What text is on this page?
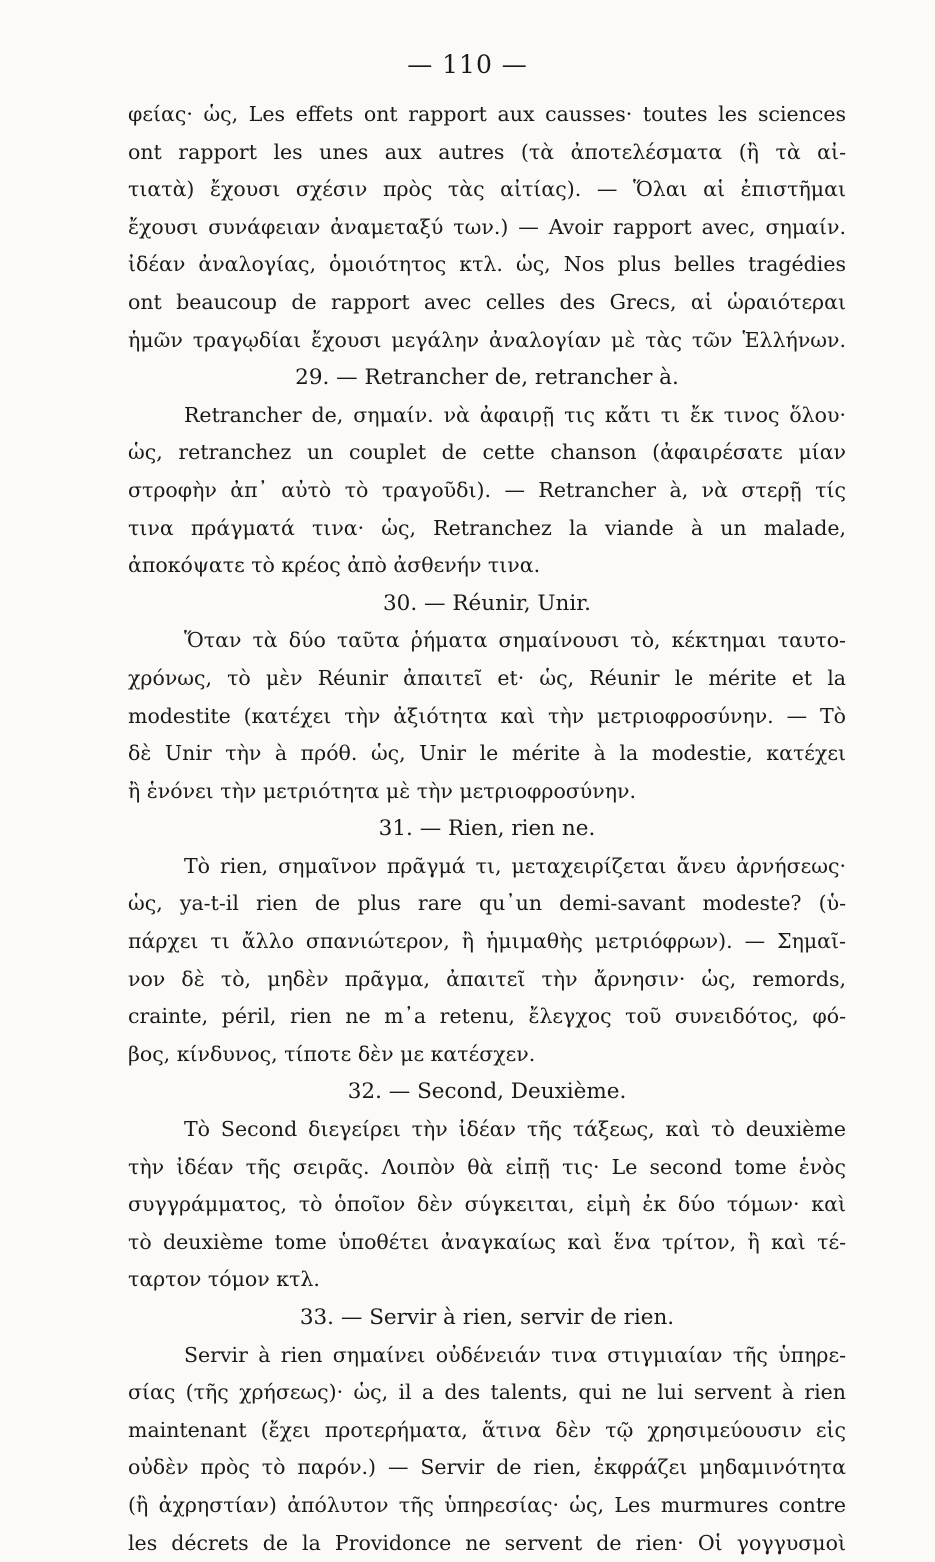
— 110 —
φείας· ὡς, Les effets ont rapport aux causses· toutes les sciences
ont rapport les unes aux autres (τὰ ἀποτελέσματα (ἢ τὰ αἰ-
τιατὰ) ἔχουσι σχέσιν πρὸς τὰς αἰτίας). — Ὅλαι αἱ ἐπιστῆμαι
ἔχουσι συνάφειαν ἀναμεταξύ των.) — Avoir rapport avec, σημαίν.
ἰδέαν ἀναλογίας, ὁμοιότητος κτλ. ὡς, Nos plus belles tragédies
ont beaucoup de rapport avec celles des Grecs, αἱ ὡραιότεραι
ἡμῶν τραγῳδίαι ἔχουσι μεγάλην ἀναλογίαν μὲ τὰς τῶν Ἑλλήνων.
29. — Retrancher de, retrancher à.
Retrancher de, σημαίν. νὰ ἀφαιρῇ τις κἄτι τι ἔκ τινος ὅλου·
ὡς, retranchez un couplet de cette chanson (ἀφαιρέσατε μίαν
στροφὴν ἀπ᾽ αὐτὸ τὸ τραγοῦδι). — Retrancher à, νὰ στερῇ τίς
τινα πράγματά τινα· ὡς, Retranchez la viande à un malade,
ἀποκόψατε τὸ κρέος ἀπὸ ἀσθενήν τινα.
30. — Réunir, Unir.
Ὅταν τὰ δύο ταῦτα ῥήματα σημαίνουσι τὸ, κέκτημαι ταυτο-
χρόνως, τὸ μὲν Réunir ἀπαιτεῖ et· ὡς, Réunir le mérite et la
modestite (κατέχει τὴν ἀξιότητα καὶ τὴν μετριοφροσύνην. — Τὸ
δὲ Unir τὴν à πρόθ. ὡς, Unir le mérite à la modestie, κατέχει
ἢ ἑνόνει τὴν μετριότητα μὲ τὴν μετριοφροσύνην.
31. — Rien, rien ne.
Τὸ rien, σημαῖνον πρᾶγμά τι, μεταχειρίζεται ἄνευ ἀρνήσεως·
ὡς, ya-t-il rien de plus rare qu᾽un demi-savant modeste? (ὑ-
πάρχει τι ἄλλο σπανιώτερον, ἢ ἡμιμαθὴς μετριόφρων). — Σημαῖ-
νον δὲ τὸ, μηδὲν πρᾶγμα, ἀπαιτεῖ τὴν ἄρνησιν· ὡς, remords,
crainte, péril, rien ne m᾽a retenu, ἔλεγχος τοῦ συνειδότος, φό-
βος, κίνδυνος, τίποτε δὲν με κατέσχεν.
32. — Second, Deuxième.
Τὸ Second διεγείρει τὴν ἰδέαν τῆς τάξεως, καὶ τὸ deuxième
τὴν ἰδέαν τῆς σειρᾶς. Λοιπὸν θὰ εἰπῇ τις· Le second tome ἑνὸς
συγγράμματος, τὸ ὁποῖον δὲν σύγκειται, εἰμὴ ἐκ δύο τόμων· καὶ
τὸ deuxième tome ὑποθέτει ἀναγκαίως καὶ ἕνα τρίτον, ἢ καὶ τέ-
ταρτον τόμον κτλ.
33. — Servir à rien, servir de rien.
Servir à rien σημαίνει οὐδένειάν τινα στιγμιαίαν τῆς ὑπηρε-
σίας (τῆς χρήσεως)· ὡς, il a des talents, qui ne lui servent à rien
maintenant (ἔχει προτερήματα, ἅτινα δὲν τῷ χρησιμεύουσιν εἰς
οὐδὲν πρὸς τὸ παρόν.) — Servir de rien, ἐκφράζει μηδαμινότητα
(ἢ ἀχρηστίαν) ἀπόλυτον τῆς ὑπηρεσίας· ὡς, Les murmures contre
les décrets de la Providonce ne servent de rien· Οἱ γογγυσμοὶ
